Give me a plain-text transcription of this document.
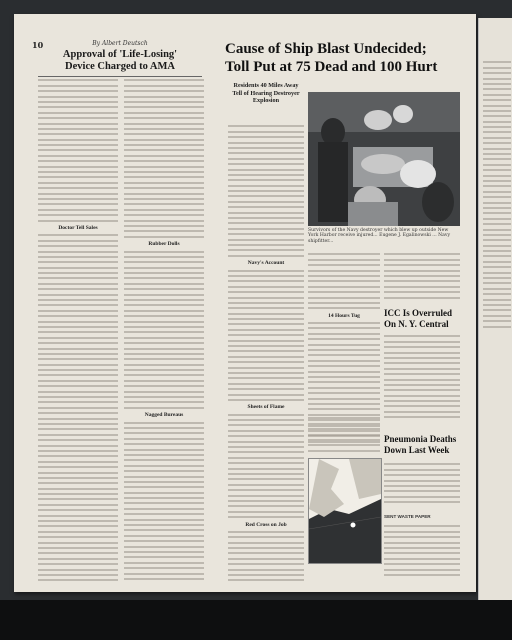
10	By Albert Deutsch
Approval of 'Life-Losing'
Device Charged to AMA
Doctor Tell Sales
Rubber Dolls
Nagged Bureaus
Cause of Ship Blast Undecided;
Toll Put at 75 Dead and 100 Hurt
Residents 40 Miles Away Tell of Hearing Destroyer Explosion
Navy's Account
Sheets of Flame
Red Cross on Job
Survivors of the Navy destroyer which blew up outside New York Harbor receive injured... Eugene J. Egalinowski ... Navy shipfitter...
14 Hours Tug	ICC Is Overruled
On N. Y. Central
Pneumonia Deaths
Down Last Week
SENT WASTE PAPER
